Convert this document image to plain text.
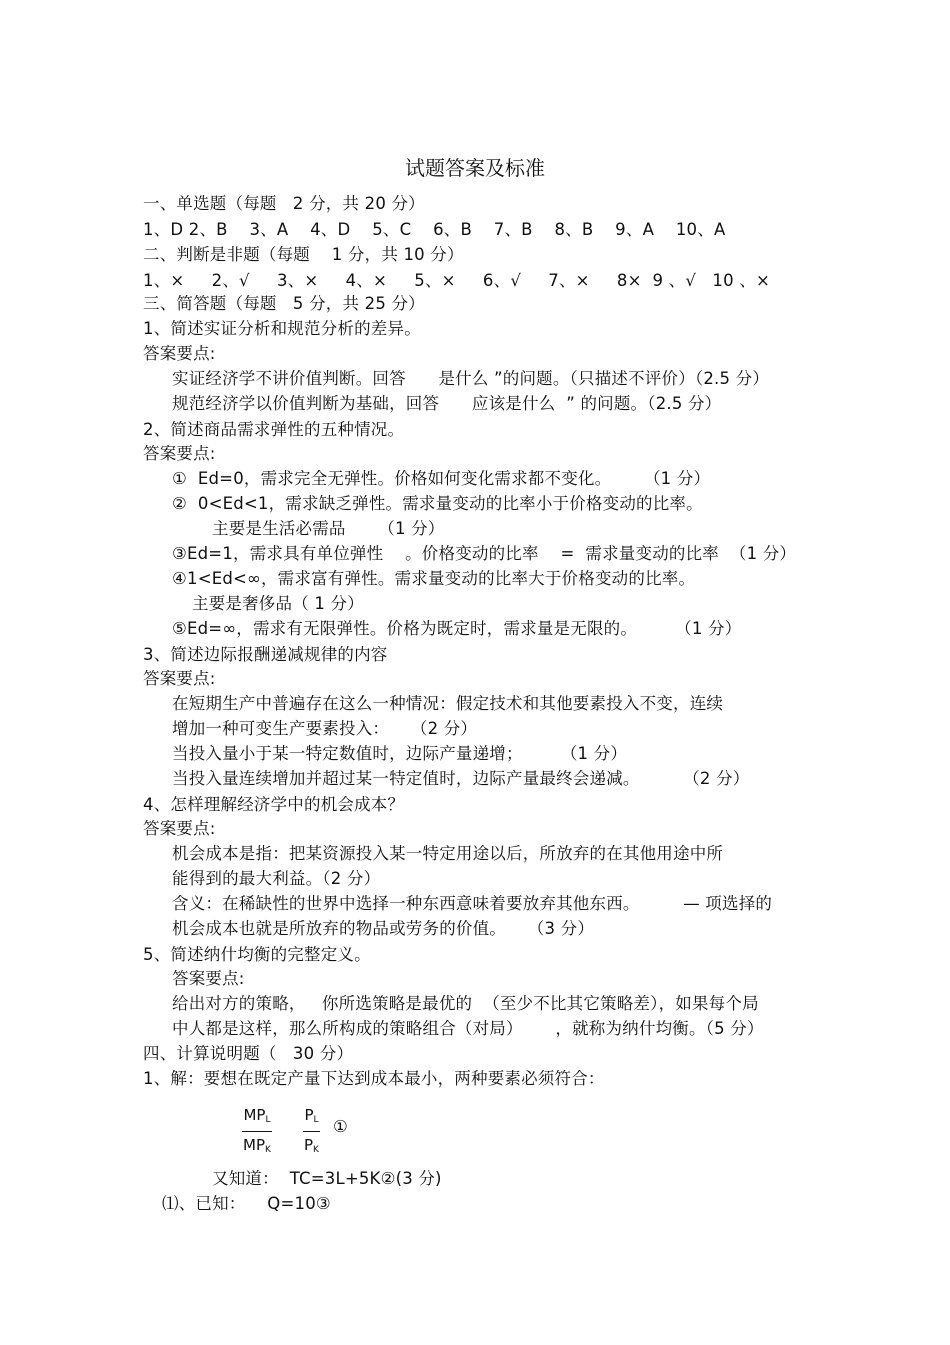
试题答案及标准
一、单选题（每题   2 分，共 20 分）
1、D 2、B    3、A    4、D    5、C    6、B    7、B    8、B    9、A    10、A
二、判断是非题（每题    1 分，共 10 分）
1、×     2、√     3、×     4、×     5、×     6、√     7、×     8×  9 、√   10 、×
三、简答题（每题   5 分，共 25 分）
1、简述实证分析和规范分析的差异。
答案要点:
实证经济学不讲价值判断。回答      是什么 ”的问题。（只描述不评价）（2.5 分）
规范经济学以价值判断为基础，回答      应该是什么  ” 的问题。（2.5 分）
2、简述商品需求弹性的五种情况。
答案要点:
①  Ed=0，需求完全无弹性。价格如何变化需求都不变化。      （1 分）
②  0<Ed<1，需求缺乏弹性。需求量变动的比率小于价格变动的比率。
主要是生活必需品      （1 分）
③Ed=1，需求具有单位弹性    。价格变动的比率    =  需求量变动的比率  （1 分）
④1<Ed<∞，需求富有弹性。需求量变动的比率大于价格变动的比率。
主要是奢侈品（ 1 分）
⑤Ed=∞，需求有无限弹性。价格为既定时，需求量是无限的。       （1 分）
3、简述边际报酬递减规律的内容
答案要点:
在短期生产中普遍存在这么一种情况：假定技术和其他要素投入不变，连续
增加一种可变生产要素投入：    （2 分）
当投入量小于某一特定数值时，边际产量递增；       （1 分）
当投入量连续增加并超过某一特定值时，边际产量最终会递减。        （2 分）
4、怎样理解经济学中的机会成本？
答案要点:
机会成本是指：把某资源投入某一特定用途以后，所放弃的在其他用途中所
能得到的最大利益。（2 分）
含义：在稀缺性的世界中选择一种东西意味着要放弃其他东西。        — 项选择的
机会成本也就是所放弃的物品或劳务的价值。    （3 分）
5、简述纳什均衡的完整定义。
答案要点:
给出对方的策略，   你所选策略是最优的  （至少不比其它策略差），如果每个局
中人都是这样，那么所构成的策略组合（对局）      ，就称为纳什均衡。（5 分）
四、计算说明题（   30 分）
1、解：要想在既定产量下达到成本最小，两种要素必须符合：
又知道：  TC=3L+5K②(3 分)
⑴、已知：    Q=10③
$MP_L$
$MP_K$
$P_L$
$P_K$
①
